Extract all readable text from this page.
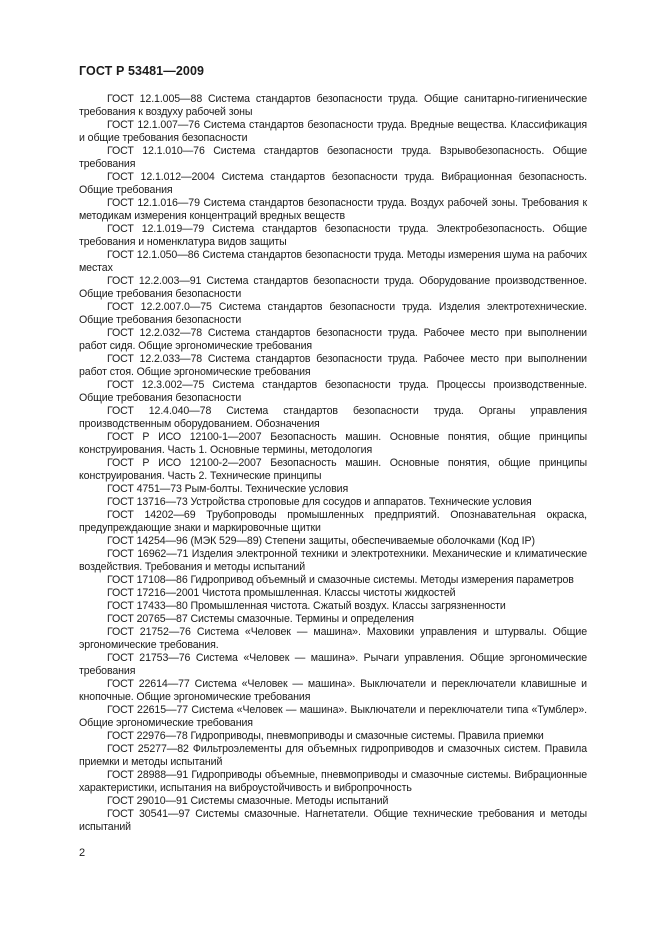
ГОСТ Р 53481—2009

ГОСТ 12.1.005—88 Система стандартов безопасности труда. Общие санитарно-гигиенические требования к воздуху рабочей зоны

ГОСТ 12.1.007—76 Система стандартов безопасности труда. Вредные вещества. Классификация и общие требования безопасности

ГОСТ 12.1.010—76 Система стандартов безопасности труда. Взрывобезопасность. Общие требования

ГОСТ 12.1.012—2004 Система стандартов безопасности труда. Вибрационная безопасность. Общие требования

ГОСТ 12.1.016—79 Система стандартов безопасности труда. Воздух рабочей зоны. Требования к методикам измерения концентраций вредных веществ

ГОСТ 12.1.019—79 Система стандартов безопасности труда. Электробезопасность. Общие требования и номенклатура видов защиты

ГОСТ 12.1.050—86 Система стандартов безопасности труда. Методы измерения шума на рабочих местах

ГОСТ 12.2.003—91 Система стандартов безопасности труда. Оборудование производственное. Общие требования безопасности

ГОСТ 12.2.007.0—75 Система стандартов безопасности труда. Изделия электротехнические. Общие требования безопасности

ГОСТ 12.2.032—78 Система стандартов безопасности труда. Рабочее место при выполнении работ сидя. Общие эргономические требования

ГОСТ 12.2.033—78 Система стандартов безопасности труда. Рабочее место при выполнении работ стоя. Общие эргономические требования

ГОСТ 12.3.002—75 Система стандартов безопасности труда. Процессы производственные. Общие требования безопасности

ГОСТ 12.4.040—78 Система стандартов безопасности труда. Органы управления производственным оборудованием. Обозначения

ГОСТ Р ИСО 12100-1—2007 Безопасность машин. Основные понятия, общие принципы конструирования. Часть 1. Основные термины, методология

ГОСТ Р ИСО 12100-2—2007 Безопасность машин. Основные понятия, общие принципы конструирования. Часть 2. Технические принципы

ГОСТ 4751—73 Рым-болты. Технические условия

ГОСТ 13716—73 Устройства строповые для сосудов и аппаратов. Технические условия

ГОСТ 14202—69 Трубопроводы промышленных предприятий. Опознавательная окраска, предупреждающие знаки и маркировочные щитки

ГОСТ 14254—96 (МЭК 529—89) Степени защиты, обеспечиваемые оболочками (Код IP)

ГОСТ 16962—71 Изделия электронной техники и электротехники. Механические и климатические воздействия. Требования и методы испытаний

ГОСТ 17108—86 Гидропривод объемный и смазочные системы. Методы измерения параметров

ГОСТ 17216—2001 Чистота промышленная. Классы чистоты жидкостей

ГОСТ 17433—80 Промышленная чистота. Сжатый воздух. Классы загрязненности

ГОСТ 20765—87 Системы смазочные. Термины и определения

ГОСТ 21752—76 Система «Человек — машина». Маховики управления и штурвалы. Общие эргономические требования.

ГОСТ 21753—76 Система «Человек — машина». Рычаги управления. Общие эргономические требования

ГОСТ 22614—77 Система «Человек — машина». Выключатели и переключатели клавишные и кнопочные. Общие эргономические требования

ГОСТ 22615—77 Система «Человек — машина». Выключатели и переключатели типа «Тумблер». Общие эргономические требования

ГОСТ 22976—78 Гидроприводы, пневмоприводы и смазочные системы. Правила приемки

ГОСТ 25277—82 Фильтроэлементы для объемных гидроприводов и смазочных систем. Правила приемки и методы испытаний

ГОСТ 28988—91 Гидроприводы объемные, пневмоприводы и смазочные системы. Вибрационные характеристики, испытания на виброустойчивость и вибропрочность

ГОСТ 29010—91 Системы смазочные. Методы испытаний

ГОСТ 30541—97 Системы смазочные. Нагнетатели. Общие технические требования и методы испытаний

2
